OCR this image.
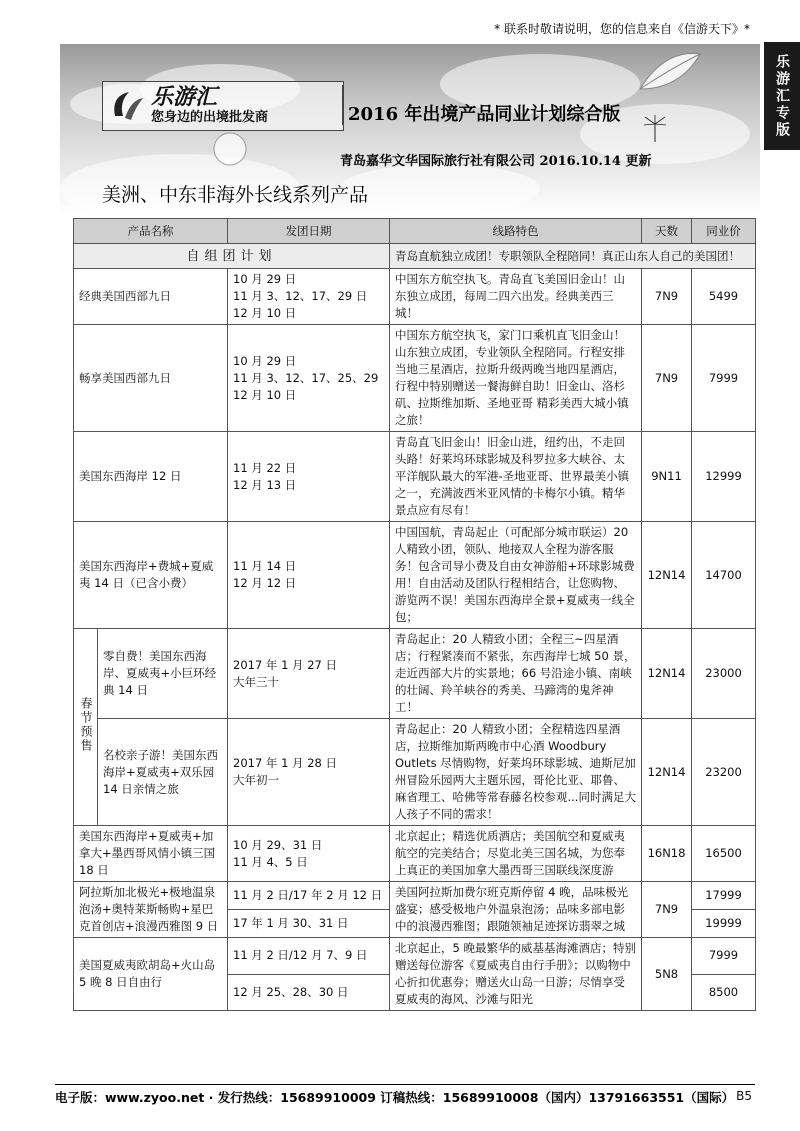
* 联系时敬请说明，您的信息来自《信游天下》*
乐游汇专版
乐游汇
您身边的出境批发商	2016 年出境产品同业计划综合版
青岛嘉华文华国际旅行社有限公司 2016.10.14 更新
美洲、中东非海外长线系列产品
产品名称		发团日期	线路特色	天数	同业价
自组团计划			青岛直航独立成团！专职领队全程陪同！真正山东人自己的美国团！		
经典美国西部九日		10 月 29 日
11 月 3、12、17、29 日
12 月 10 日	中国东方航空执飞。青岛直飞美国旧金山！山东独立成团，每周二四六出发。经典美西三城！	7N9	5499
畅享美国西部九日		10 月 29 日
11 月 3、12、17、25、29
12 月 10 日	中国东方航空执飞，家门口乘机直飞旧金山！山东独立成团，专业领队全程陪同。行程安排当地三星酒店，拉斯升级两晚当地四星酒店，行程中特别赠送一餐海鲜自助！旧金山、洛杉矶、拉斯维加斯、圣地亚哥 精彩美西大城小镇之旅！	7N9	7999
美国东西海岸 12 日		11 月 22 日
12 月 13 日	青岛直飞旧金山！旧金山进，纽约出，不走回头路！好莱坞环球影城及科罗拉多大峡谷、太平洋舰队最大的军港-圣地亚哥、世界最美小镇之一，充满波西米亚风情的卡梅尔小镇。精华景点应有尽有！	9N11	12999
美国东西海岸+费城+夏威夷 14 日（已含小费）		11 月 14 日
12 月 12 日	中国国航，青岛起止（可配部分城市联运）20 人精致小团，领队、地接双人全程为游客服务！包含司导小费及自由女神游船+环球影城费用！自由活动及团队行程相结合，让您购物、游览两不误！美国东西海岸全景+夏威夷一线全包；	12N14	14700
春节预售	零自费！美国东西海岸、夏威夷+小巨环经典 14 日	2017 年 1 月 27 日
大年三十	青岛起止：20 人精致小团；全程三~四星酒店；行程紧凑而不紧张，东西海岸七城 50 景，走近西部大片的实景地；66 号沿途小镇、南峡的壮阔、羚羊峡谷的秀美、马蹄湾的鬼斧神工！	12N14	23000
	名校亲子游！美国东西海岸+夏威夷+双乐园 14 日亲情之旅	2017 年 1 月 28 日
大年初一	青岛起止：20 人精致小团；全程精选四星酒店，拉斯维加斯两晚市中心酒 Woodbury Outlets 尽情购物，好莱坞环球影城、迪斯尼加州冒险乐园两大主题乐园，哥伦比亚、耶鲁、麻省理工、哈佛等常春藤名校参观...同时满足大人孩子不同的需求！	12N14	23200
美国东西海岸+夏威夷+加拿大+墨西哥风情小镇三国 18 日		10 月 29、31 日
11 月 4、5 日	北京起止；精选优质酒店；美国航空和夏威夷航空的完美结合；尽览北美三国名城，为您奉上真正的美国加拿大墨西哥三国联线深度游	16N18	16500
阿拉斯加北极光+极地温泉泡汤+奥特莱斯畅购+星巴克首创店+浪漫西雅图 9 日		11 月 2 日/17 年 2 月 12 日	美国阿拉斯加费尔班克斯停留 4 晚，品味极光盛宴；感受极地户外温泉泡汤；品味多部电影中的浪漫西雅图；跟随领袖足迹探访翡翠之城	7N9	17999
		17 年 1 月 30、31 日			19999
美国夏威夷欧胡岛+火山岛 5 晚 8 日自由行		11 月 2 日/12 月 7、9 日	北京起止，5 晚最繁华的威基基海滩酒店；特别赠送每位游客《夏威夷自由行手册》；以购物中心折扣优惠券；赠送火山岛一日游；尽情享受夏威夷的海风、沙滩与阳光	5N8	7999
		12 月 25、28、30 日			8500
电子版：www.zyoo.net · 发行热线：15689910009 订稿热线：15689910008（国内）13791663551（国际） B5
